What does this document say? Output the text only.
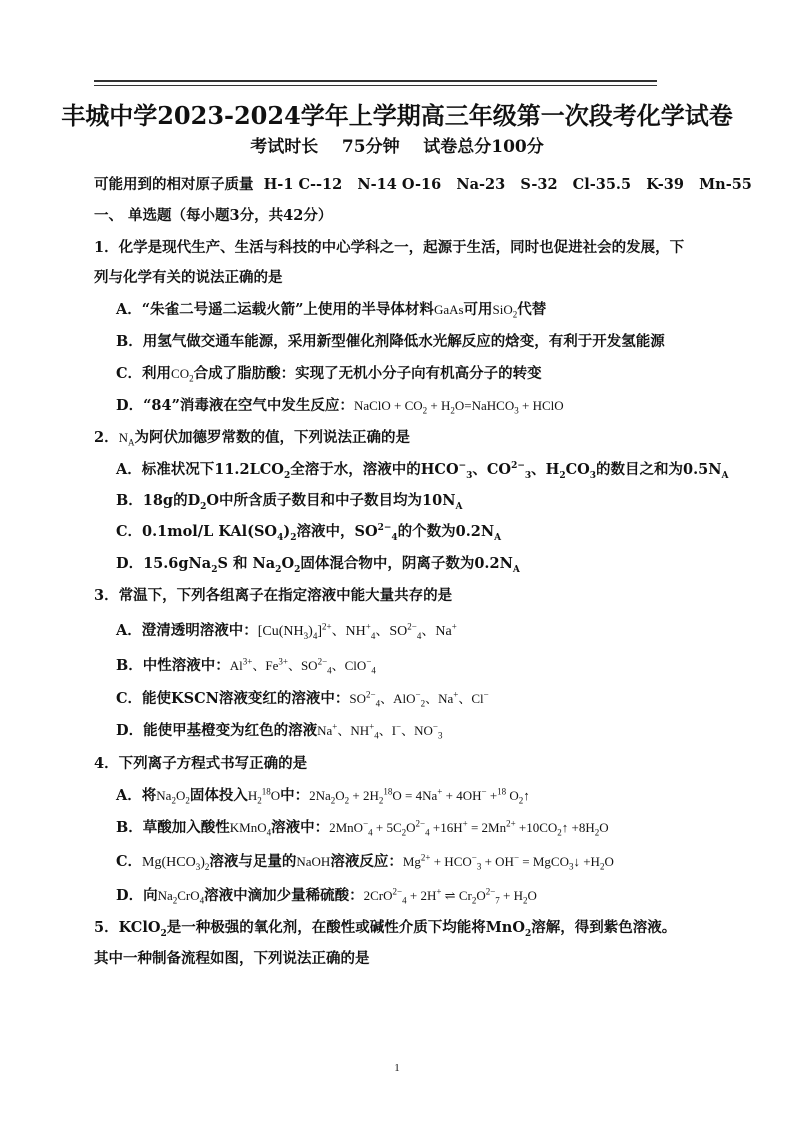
丰城中学2023-2024学年上学期高三年级第一次段考化学试卷
考试时长    75分钟    试卷总分100分
可能用到的相对原子质量  H-1 C--12   N-14 O-16   Na-23   S-32   Cl-35.5   K-39   Mn-55
一、 单选题（每小题3分，共42分）
1．化学是现代生产、生活与科技的中心学科之一，起源于生活，同时也促进社会的发展，下
列与化学有关的说法正确的是
A．“朱雀二号遥二运载火箭”上使用的半导体材料GaAs可用SiO$_2$代替
B．用氢气做交通车能源，采用新型催化剂降低水光解反应的焓变，有利于开发氢能源
C．利用$CO_2$合成了脂肪酸：实现了无机小分子向有机高分子的转变
D．“84”消毒液在空气中发生反应：NaClO + $CO_2$ + $H_2O=NaHCO_3$ + HClO
2．$N_A$为阿伏加德罗常数的值，下列说法正确的是
A．标准状况下$11.2LCO_2$全溶于水，溶液中的$HCO^-_3$、$CO^{2-}_3$、$H_2CO_3$的数目之和为$0.5N_A$
B．18g的$D_2O$中所含质子数目和中子数目均为$10N_A$
C．0.1mol/L $KAl(SO_4)_2$溶液中，$SO^{2-}_4$的个数为$0.2N_A$
D．15.6gNa$_2$S 和 $Na_2O_2$固体混合物中，阴离子数为$0.2N_A$
3．常温下，下列各组离子在指定溶液中能大量共存的是
A．澄清透明溶液中：$[Cu(NH_3)_4]^{2+}$、$NH^+_4$、$SO^{2-}_4$、Na+
B．中性溶液中：$Al^{3+}$、$Fe^{3+}$、$SO^{2-}_4$、ClO−$_4$
C．能使KSCN溶液变红的溶液中：$SO^{2-}_4$、AlO−$_2$、Na+、Cl−
D．能使甲基橙变为红色的溶液Na+、$NH^+_4$、I−、$NO^-_3$
4．下列离子方程式书写正确的是
A．将$Na_2O_2$固体投入$H_2^{18}O$中：$2Na_2O_2 + 2H_2^{18}O = 4Na^+ + 4OH^- +^{18}$ $O_2↑$
B．草酸加入酸性KMnO$_4$溶液中：$2MnO^-_4 + 5C_2O^{2-}_4 +16H^+ = 2Mn^{2+}$ $+10CO_2↑ +8H_2O$
C．$Mg(HCO_3)_2$溶液与足量的NaOH溶液反应：$Mg^{2+} + HCO^-_3 + OH^-$ = MgCO$_3$↓ $+H_2O$
D．向$Na_2CrO_4$溶液中滴加少量稀硫酸：2CrO$^{2-}_4$ + 2H+ ⇌ $Cr_2O^{2-}_7 + H_2O$
5．KClO$_2$是一种极强的氧化剂，在酸性或碱性介质下均能将MnO$_2$溶解，得到紫色溶液。
其中一种制备流程如图，下列说法正确的是
1
